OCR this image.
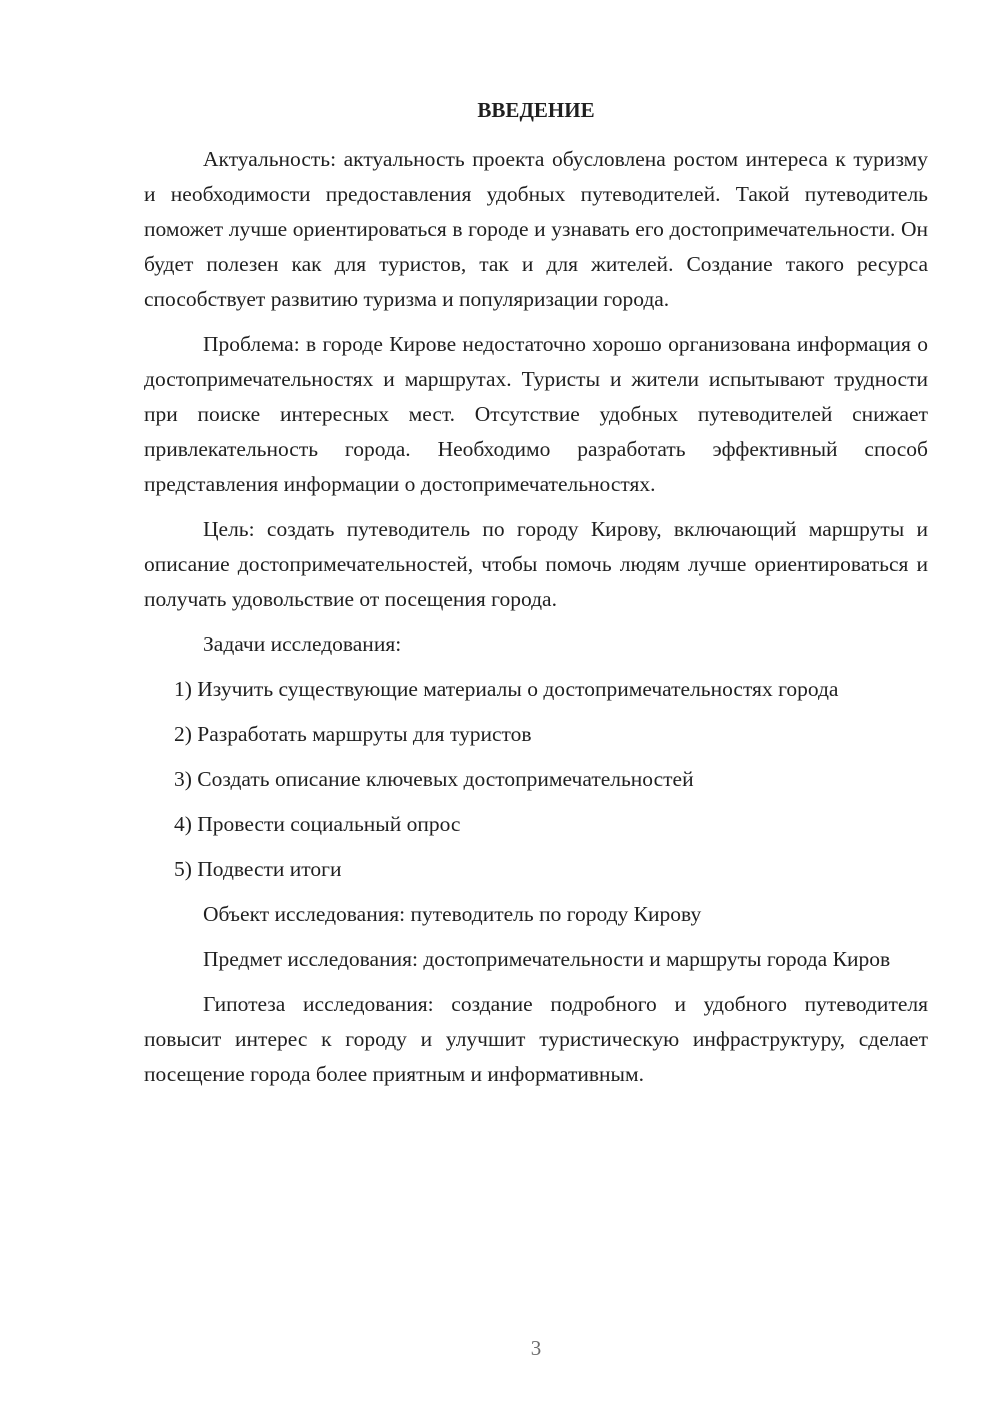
ВВЕДЕНИЕ

Актуальность: актуальность проекта обусловлена ростом интереса к туризму и необходимости предоставления удобных путеводителей. Такой путеводитель поможет лучше ориентироваться в городе и узнавать его достопримечательности. Он будет полезен как для туристов, так и для жителей. Создание такого ресурса способствует развитию туризма и популяризации города.

Проблема: в городе Кирове недостаточно хорошо организована информация о достопримечательностях и маршрутах. Туристы и жители испытывают трудности при поиске интересных мест. Отсутствие удобных путеводителей снижает привлекательность города. Необходимо разработать эффективный способ представления информации о достопримечательностях.

Цель: создать путеводитель по городу Кирову, включающий маршруты и описание достопримечательностей, чтобы помочь людям лучше ориентироваться и получать удовольствие от посещения города.

Задачи исследования:

1) Изучить существующие материалы о достопримечательностях города

2) Разработать маршруты для туристов

3) Создать описание ключевых достопримечательностей

4) Провести социальный опрос

5) Подвести итоги

Объект исследования: путеводитель по городу Кирову

Предмет исследования: достопримечательности и маршруты города Киров

Гипотеза исследования: создание подробного и удобного путеводителя повысит интерес к городу и улучшит туристическую инфраструктуру, сделает посещение города более приятным и информативным.

3
